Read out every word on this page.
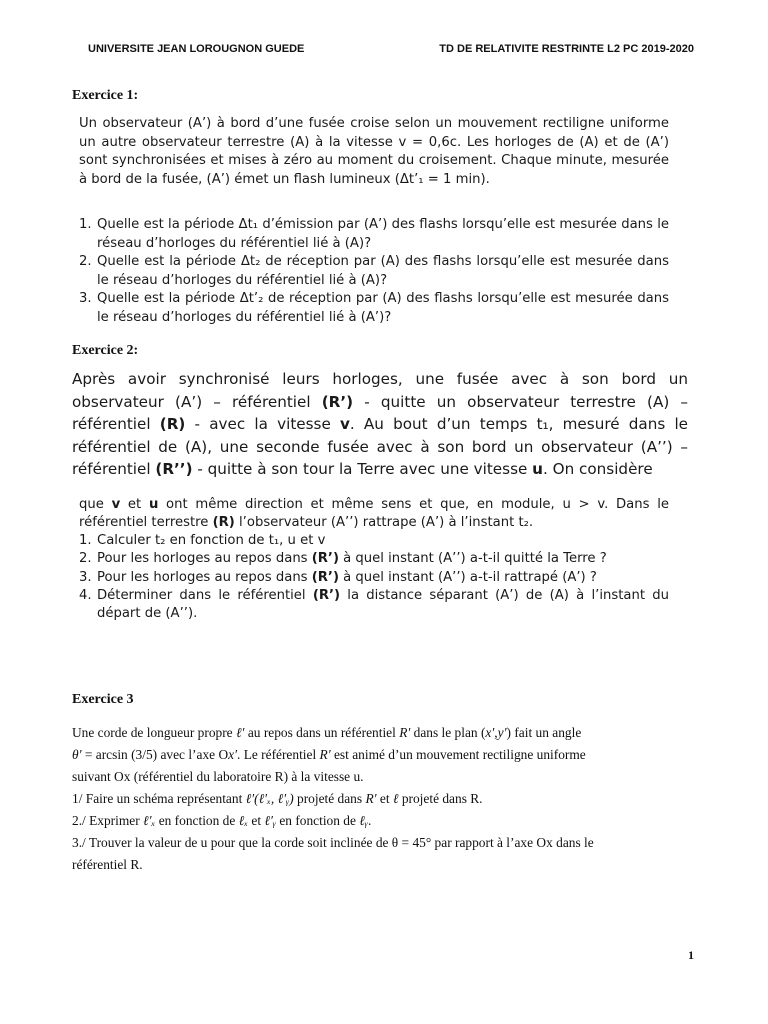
UNIVERSITE JEAN LOROUGNON GUEDE	TD DE RELATIVITE RESTRINTE L2 PC 2019-2020
Exercice 1:

Un observateur (A’) à bord d’une fusée croise selon un mouvement rectiligne uniforme un autre observateur terrestre (A) à la vitesse v = 0,6c. Les horloges de (A) et de (A’) sont synchronisées et mises à zéro au moment du croisement. Chaque minute, mesurée à bord de la fusée, (A’) émet un flash lumineux (Δt’₁ = 1 min).

1. Quelle est la période Δt₁ d’émission par (A’) des flashs lorsqu’elle est mesurée dans le réseau d’horloges du référentiel lié à (A)?
2. Quelle est la période Δt₂ de réception par (A) des flashs lorsqu’elle est mesurée dans le réseau d’horloges du référentiel lié à (A)?
3. Quelle est la période Δt’₂ de réception par (A) des flashs lorsqu’elle est mesurée dans le réseau d’horloges du référentiel lié à (A’)?
Exercice 2:

Après avoir synchronisé leurs horloges, une fusée avec à son bord un observateur (A’) – référentiel (R’) - quitte un observateur terrestre (A) – référentiel (R) - avec la vitesse v. Au bout d’un temps t₁, mesuré dans le référentiel de (A), une seconde fusée avec à son bord un observateur (A’’) – référentiel (R’’) - quitte à son tour la Terre avec une vitesse u. On considère

que v et u ont même direction et même sens et que, en module, u > v. Dans le référentiel terrestre (R) l’observateur (A’’) rattrape (A’) à l’instant t₂.

1. Calculer t₂ en fonction de t₁, u et v
2. Pour les horloges au repos dans (R’) à quel instant (A’’) a-t-il quitté la Terre ?
3. Pour les horloges au repos dans (R’) à quel instant (A’’) a-t-il rattrapé (A’) ?
4. Déterminer dans le référentiel (R’) la distance séparant (A’) de (A) à l’instant du départ de (A’’).
Exercice 3
Une corde de longueur propre ℓ′ au repos dans un référentiel R′ dans le plan (x′,y′) fait un angle
θ′ = arcsin (3/5) avec l’axe Ox′. Le référentiel R′ est animé d’un mouvement rectiligne uniforme
suivant Ox (référentiel du laboratoire R) à la vitesse u.
1/ Faire un schéma représentant ℓ′(ℓ′ₓ, ℓ′ᵧ) projeté dans R′ et ℓ projeté dans R.
2./ Exprimer ℓ′ₓ en fonction de ℓₓ et ℓ′ᵧ en fonction de ℓᵧ.
3./ Trouver la valeur de u pour que la corde soit inclinée de θ = 45° par rapport à l’axe Ox dans le
référentiel R.
1
